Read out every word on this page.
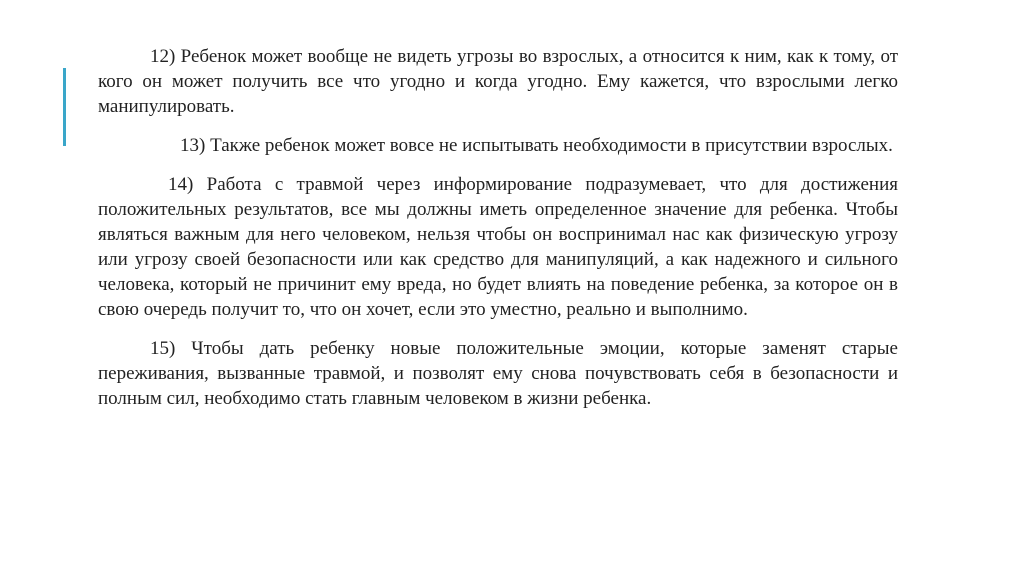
12) Ребенок может вообще не видеть угрозы во взрослых, а относится к ним, как к тому, от кого он может получить все что угодно и когда угодно. Ему кажется, что взрослыми легко манипулировать.

13) Также ребенок может вовсе не испытывать необходимости в присутствии взрослых.

14) Работа с травмой через информирование подразумевает, что для достижения положительных результатов, все мы должны иметь определенное значение для ребенка. Чтобы являться важным для него человеком, нельзя чтобы он воспринимал нас как физическую угрозу или угрозу своей безопасности или как средство для манипуляций, а как надежного и сильного человека, который не причинит ему вреда, но будет влиять на поведение ребенка, за которое он в свою очередь получит то, что он хочет, если это уместно, реально и выполнимо.

15) Чтобы дать ребенку новые положительные эмоции, которые заменят старые переживания, вызванные травмой, и позволят ему снова почувствовать себя в безопасности и полным сил, необходимо стать главным человеком в жизни ребенка.
